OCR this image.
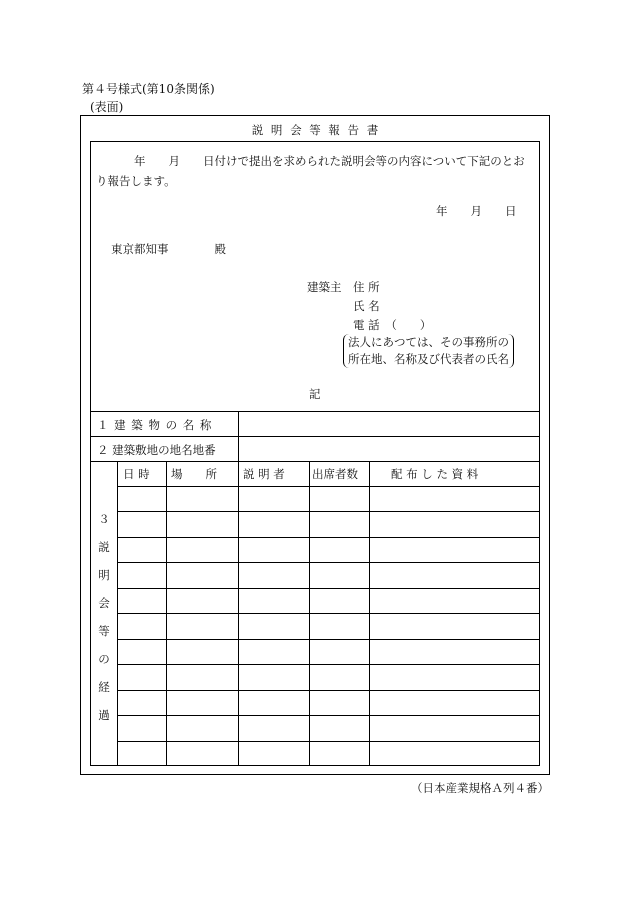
第４号様式(第10条関係)
(表面)
説 明 会 等 報 告 書
年　　月　　日付けで提出を求められた説明会等の内容について下記のとお
り報告します。
年　　月　　日
東京都知事　　　　殿
建築主 住 所
氏 名
電 話　（　　）
法人にあつては、その事務所の
所在地、名称及び代表者の氏名
記
１ 建 築 物 の 名 称
２ 建築敷地の地名地番
３
説
明
会
等
の
経
過
日 時 場　　所 説 明 者 出席者数	配 布 し た 資 料
（日本産業規格Ａ列４番）
